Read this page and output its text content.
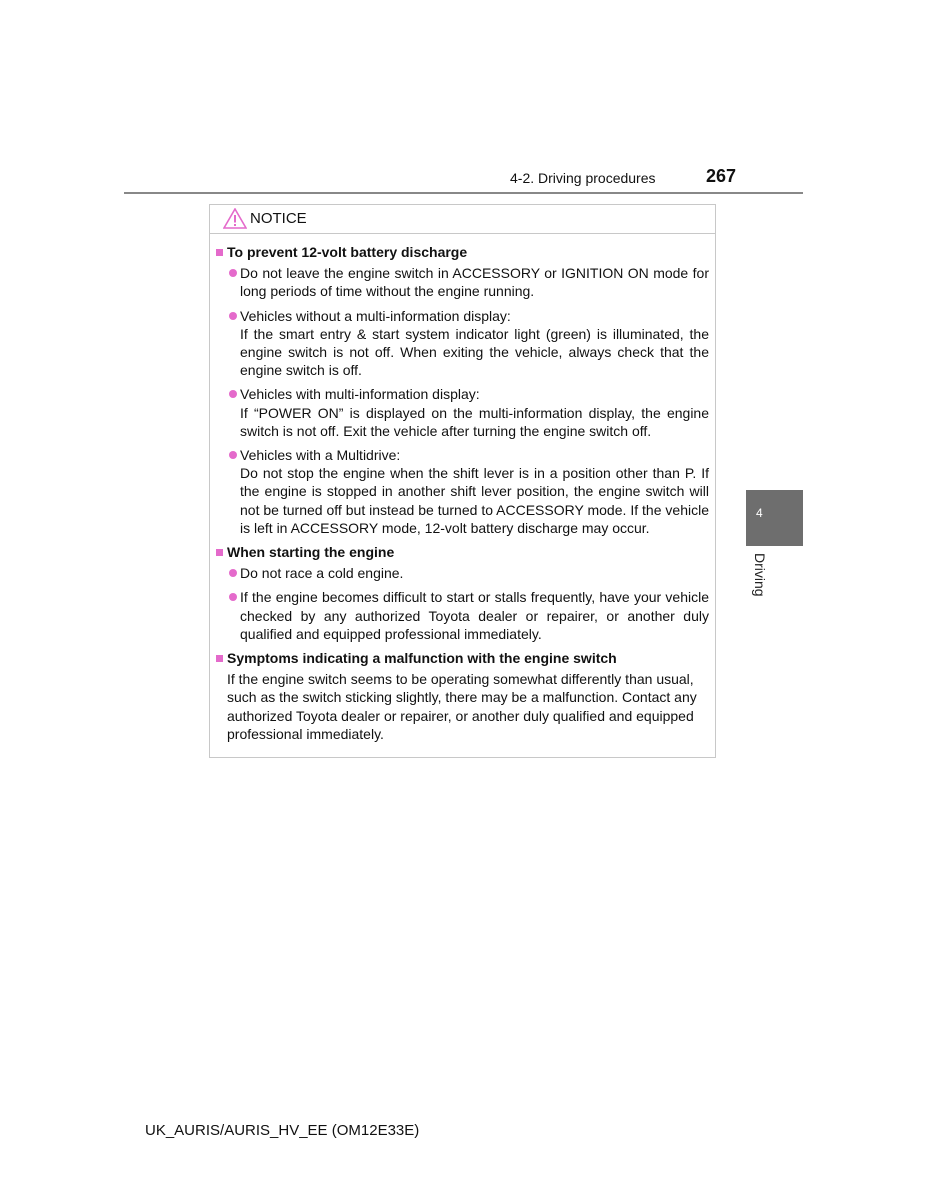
4-2. Driving procedures	267
4
Driving
NOTICE
To prevent 12-volt battery discharge

Do not leave the engine switch in ACCESSORY or IGNITION ON mode for long periods of time without the engine running.

Vehicles without a multi-information display:

If the smart entry & start system indicator light (green) is illuminated, the engine switch is not off. When exiting the vehicle, always check that the engine switch is off.

Vehicles with multi-information display:

If “POWER ON” is displayed on the multi-information display, the engine switch is not off. Exit the vehicle after turning the engine switch off.

Vehicles with a Multidrive:

Do not stop the engine when the shift lever is in a position other than P. If the engine is stopped in another shift lever position, the engine switch will not be turned off but instead be turned to ACCESSORY mode. If the vehicle is left in ACCESSORY mode, 12-volt battery discharge may occur.

When starting the engine

Do not race a cold engine.

If the engine becomes difficult to start or stalls frequently, have your vehicle checked by any authorized Toyota dealer or repairer, or another duly qualified and equipped professional immediately.

Symptoms indicating a malfunction with the engine switch

If the engine switch seems to be operating somewhat differently than usual, such as the switch sticking slightly, there may be a malfunction. Contact any authorized Toyota dealer or repairer, or another duly qualified and equipped professional immediately.

UK_AURIS/AURIS_HV_EE (OM12E33E)
